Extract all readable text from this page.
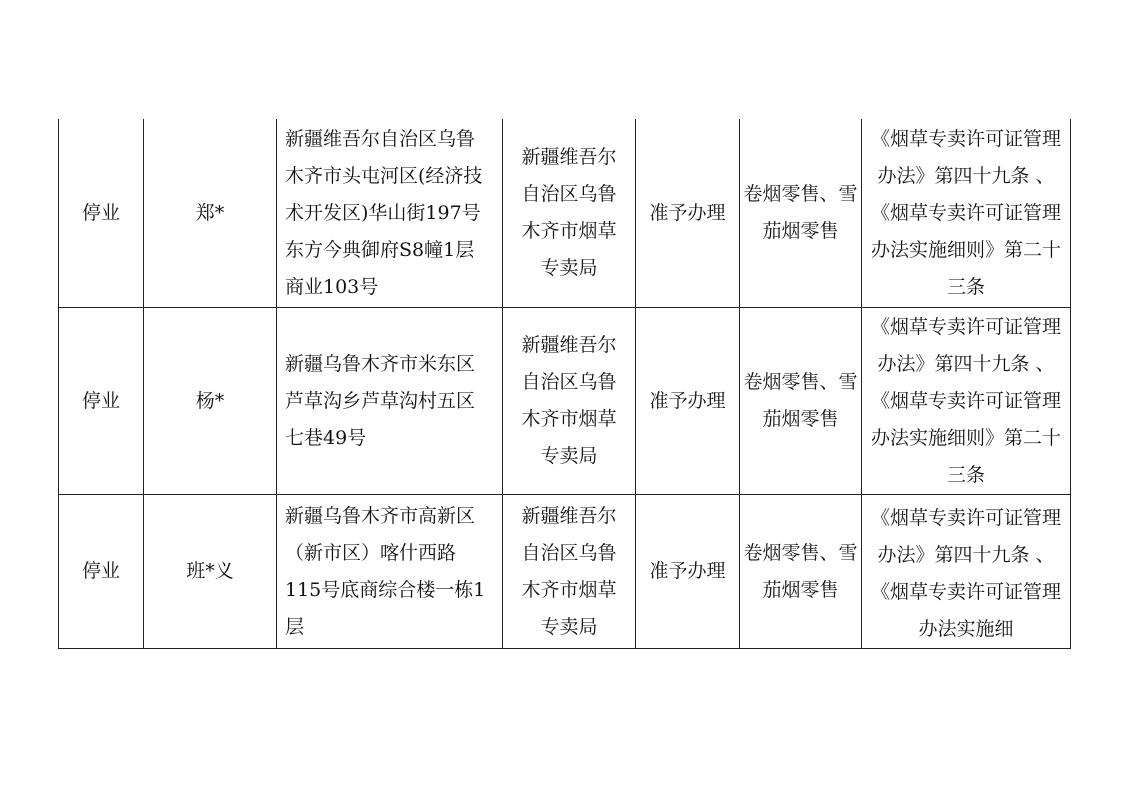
停业	郑*	新疆维吾尔自治区乌鲁木齐市头屯河区(经济技术开发区)华山街197号东方今典御府S8幢1层商业103号	新疆维吾尔自治区乌鲁木齐市烟草专卖局	准予办理	卷烟零售、雪茄烟零售	《烟草专卖许可证管理办法》第四十九条 、《烟草专卖许可证管理办法实施细则》第二十三条

停业	杨*	新疆乌鲁木齐市米东区芦草沟乡芦草沟村五区七巷49号	新疆维吾尔自治区乌鲁木齐市烟草专卖局	准予办理	卷烟零售、雪茄烟零售	《烟草专卖许可证管理办法》第四十九条 、《烟草专卖许可证管理办法实施细则》第二十三条

停业	班*义	新疆乌鲁木齐市高新区（新市区）喀什西路115号底商综合楼一栋1层	新疆维吾尔自治区乌鲁木齐市烟草专卖局	准予办理	卷烟零售、雪茄烟零售	《烟草专卖许可证管理办法》第四十九条 、《烟草专卖许可证管理办法实施细
